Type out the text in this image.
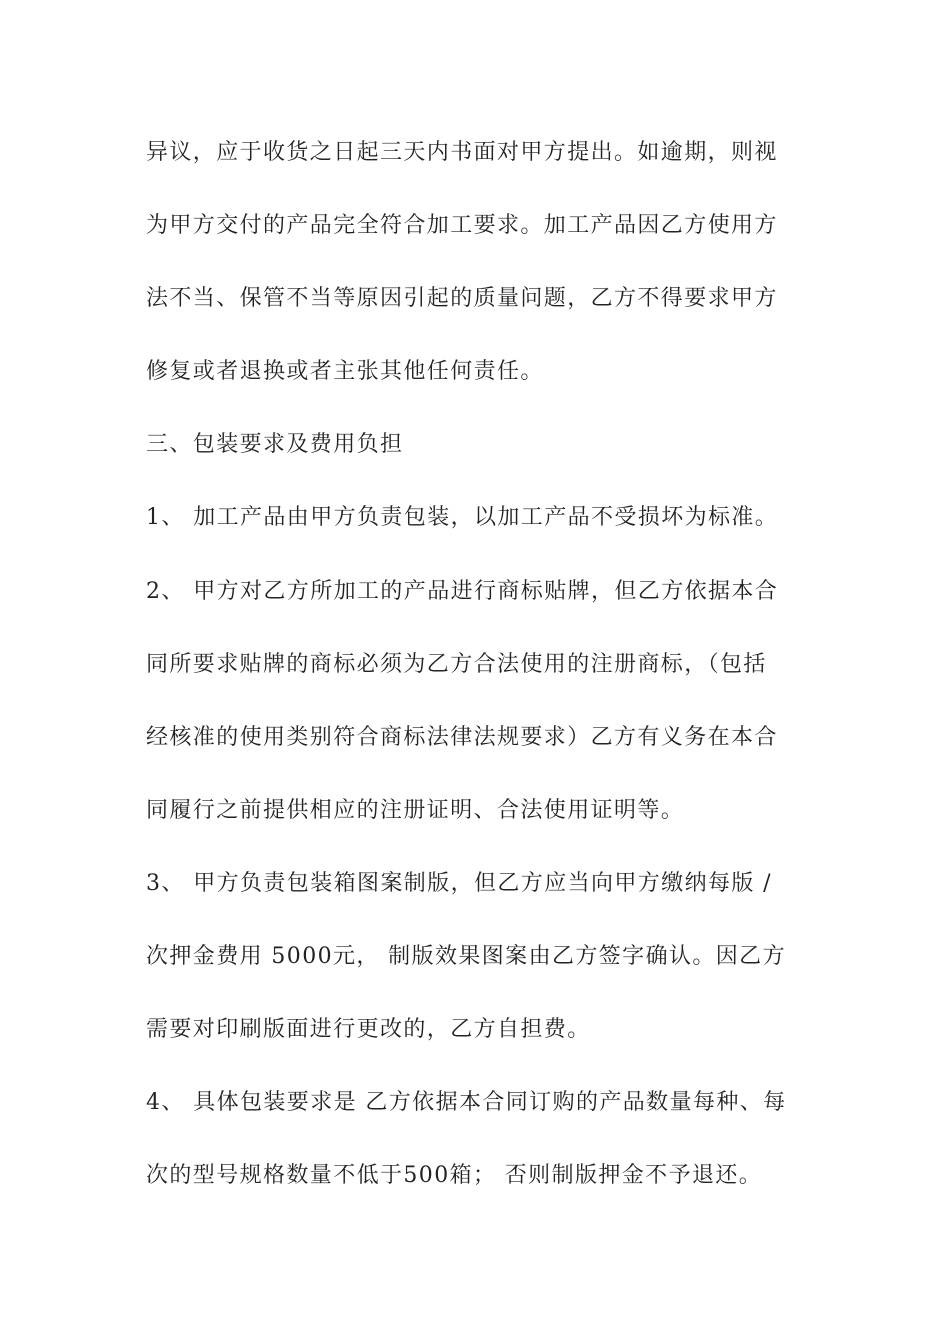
异议，应于收货之日起三天内书面对甲方提出。如逾期，则视
为甲方交付的产品完全符合加工要求。加工产品因乙方使用方
法不当、保管不当等原因引起的质量问题，乙方不得要求甲方
修复或者退换或者主张其他任何责任。
三、包装要求及费用负担
1、 加工产品由甲方负责包装，以加工产品不受损坏为标准。
2、 甲方对乙方所加工的产品进行商标贴牌，但乙方依据本合
同所要求贴牌的商标必须为乙方合法使用的注册商标，（包括
经核准的使用类别符合商标法律法规要求）乙方有义务在本合
同履行之前提供相应的注册证明、合法使用证明等。
3、 甲方负责包装箱图案制版，但乙方应当向甲方缴纳每版 /
次押金费用 5000元， 制版效果图案由乙方签字确认。因乙方
需要对印刷版面进行更改的，乙方自担费。
4、 具体包装要求是 乙方依据本合同订购的产品数量每种、每
次的型号规格数量不低于500箱； 否则制版押金不予退还。
